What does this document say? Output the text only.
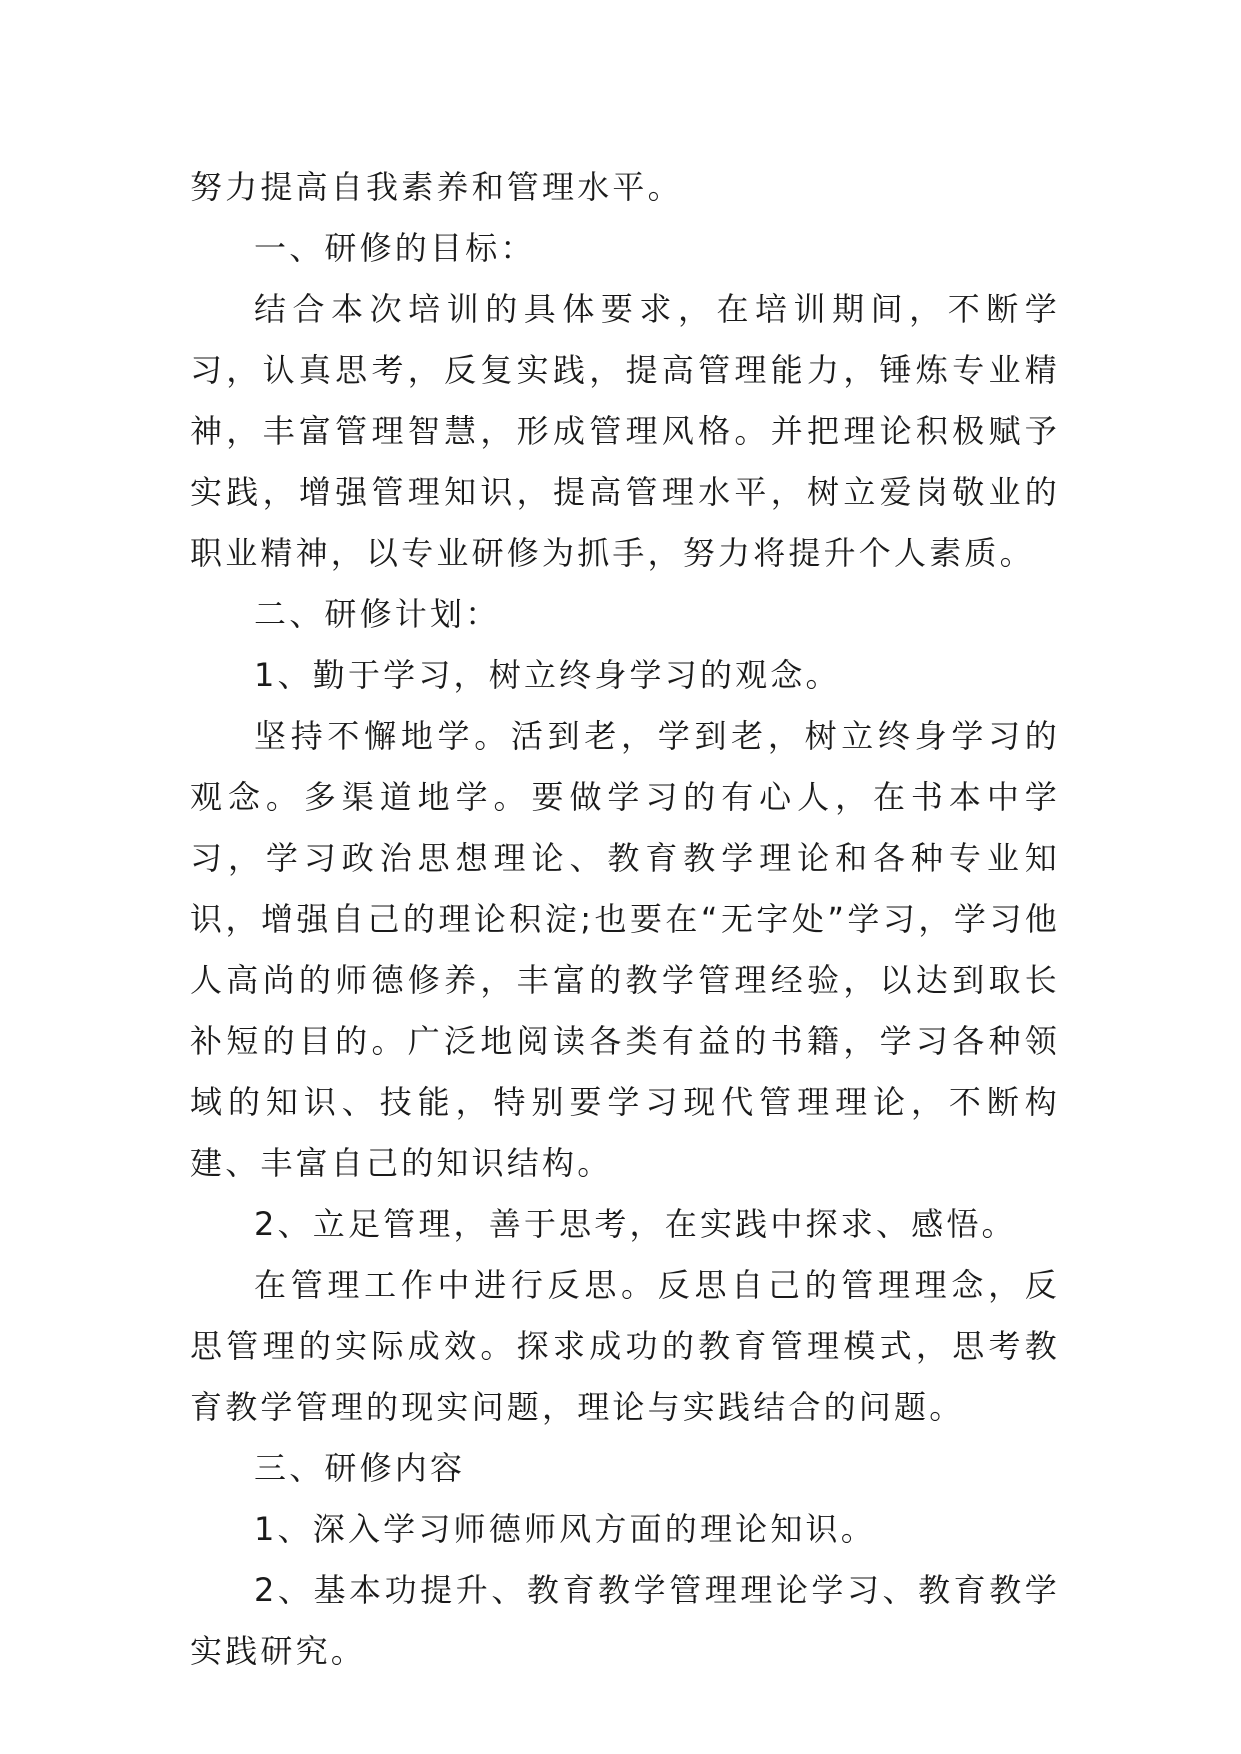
努力提高自我素养和管理水平。

一、研修的目标：

结合本次培训的具体要求，在培训期间，不断学习，认真思考，反复实践，提高管理能力，锤炼专业精神，丰富管理智慧，形成管理风格。并把理论积极赋予实践，增强管理知识，提高管理水平，树立爱岗敬业的职业精神，以专业研修为抓手，努力将提升个人素质。

二、研修计划：

1、勤于学习，树立终身学习的观念。

坚持不懈地学。活到老，学到老，树立终身学习的观念。多渠道地学。要做学习的有心人，在书本中学习，学习政治思想理论、教育教学理论和各种专业知识，增强自己的理论积淀;也要在“无字处”学习，学习他人高尚的师德修养，丰富的教学管理经验，以达到取长补短的目的。广泛地阅读各类有益的书籍，学习各种领域的知识、技能，特别要学习现代管理理论，不断构建、丰富自己的知识结构。

2、立足管理，善于思考，在实践中探求、感悟。

在管理工作中进行反思。反思自己的管理理念，反思管理的实际成效。探求成功的教育管理模式，思考教育教学管理的现实问题，理论与实践结合的问题。

三、研修内容

1、深入学习师德师风方面的理论知识。

2、基本功提升、教育教学管理理论学习、教育教学实践研究。
